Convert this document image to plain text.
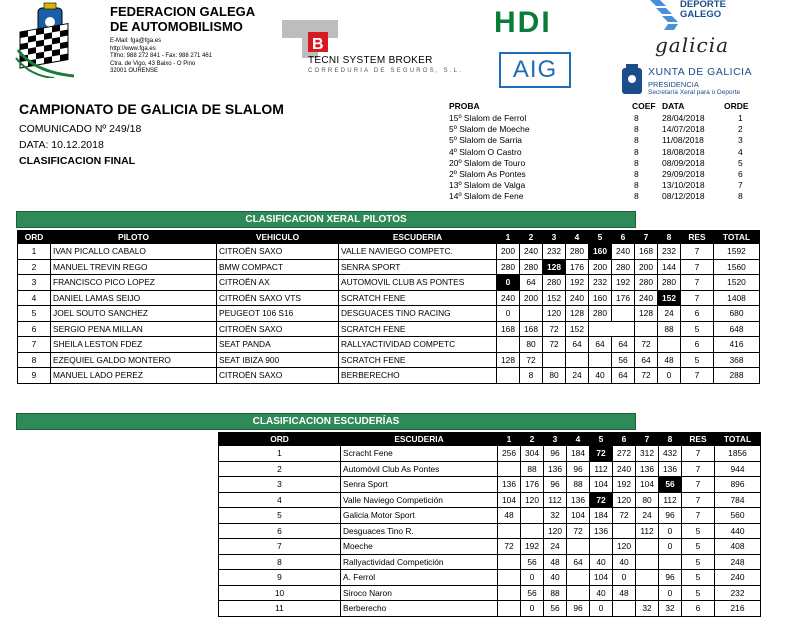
FEDERACION GALEGA
DE AUTOMOBILISMO
E-Mail: fga@fga.es
http://www.fga.es
Tlfno: 988 272 841 - Fax: 988 271 461
Ctra. de Vigo, 43 Baixo - O Pino
32001 OURENSE
B
TECNI SYSTEM BROKER
CORREDURIA DE SEGUROS, S.L.
HDI
AIG
DEPORTE
GALEGO
galicia
XUNTA DE GALICIA
PRESIDENCIA
Secretaría Xeral para o Deporte
CAMPIONATO DE GALICIA DE SLALOM
COMUNICADO Nº 249/18
DATA: 10.12.2018
CLASIFICACION FINAL
PROBA	COEF DATA	ORDE
15º Slalom de Ferrol	8	28/04/2018	1
5º Slalom de Moeche	8	14/07/2018	2
5º Slalom de Sarria	8	11/08/2018	3
4º Slalom O Castro	8	18/08/2018	4
20º Slalom de Touro	8	08/09/2018	5
2º Slalom As Pontes	8	29/09/2018	6
13º Slalom de Valga	8	13/10/2018	7
14º Slalom de Fene	8	08/12/2018	8
CLASIFICACION XERAL PILOTOS
ORD	PILOTO	VEHICULO	ESCUDERIA	1	2	3	4	5	6	7	8	RES	TOTAL
1	IVAN PICALLO CABALO	CITROËN SAXO	VALLE NAVIEGO COMPETC.	200	240	232	280	160	240	168	232	7	1592
2	MANUEL TREVIN REGO	BMW COMPACT	SENRA SPORT	280	280	128	176	200	280	200	144	7	1560
3	FRANCISCO PICO LOPEZ	CITROËN AX	AUTOMOVIL CLUB AS PONTES	0	64	280	192	232	192	280	280	7	1520
4	DANIEL LAMAS SEIJO	CITROËN SAXO VTS	SCRATCH FENE	240	200	152	240	160	176	240	152	7	1408
5	JOEL SOUTO SANCHEZ	PEUGEOT 106 S16	DESGUACES TINO RACING	0		120	128	280		128	24	6	680
6	SERGIO PENA MILLAN	CITROËN SAXO	SCRATCH FENE	168	168	72	152				88	5	648
7	SHEILA LESTON FDEZ	SEAT PANDA	RALLYACTIVIDAD COMPETC		80	72	64	64	64	72		6	416
8	EZEQUIEL GALDO MONTERO	SEAT IBIZA 900	SCRATCH FENE	128	72				56	64	48	5	368
9	MANUEL LADO PEREZ	CITROËN SAXO	BERBERECHO		8	80	24	40	64	72	0	7	288
CLASIFICACION ESCUDERÍAS
ORD	ESCUDERIA	1	2	3	4	5	6	7	8	RES	TOTAL
1	Scracht Fene	256	304	96	184	72	272	312	432	7	1856
2	Automóvil Club As Pontes		88	136	96	112	240	136	136	7	944
3	Senra Sport	136	176	96	88	104	192	104	56	7	896
4	Valle Naviego Competición	104	120	112	136	72	120	80	112	7	784
5	Galicia Motor Sport	48		32	104	184	72	24	96	7	560
6	Desguaces Tino R.			120	72	136		112	0	5	440
7	Moeche	72	192	24			120		0	5	408
8	Rallyactividad Competición		56	48	64	40	40			5	248
9	A. Ferrol		0	40		104	0		96	5	240
10	Siroco Naron		56	88		40	48		0	5	232
11	Berberecho		0	56	96	0		32	32	6	216
